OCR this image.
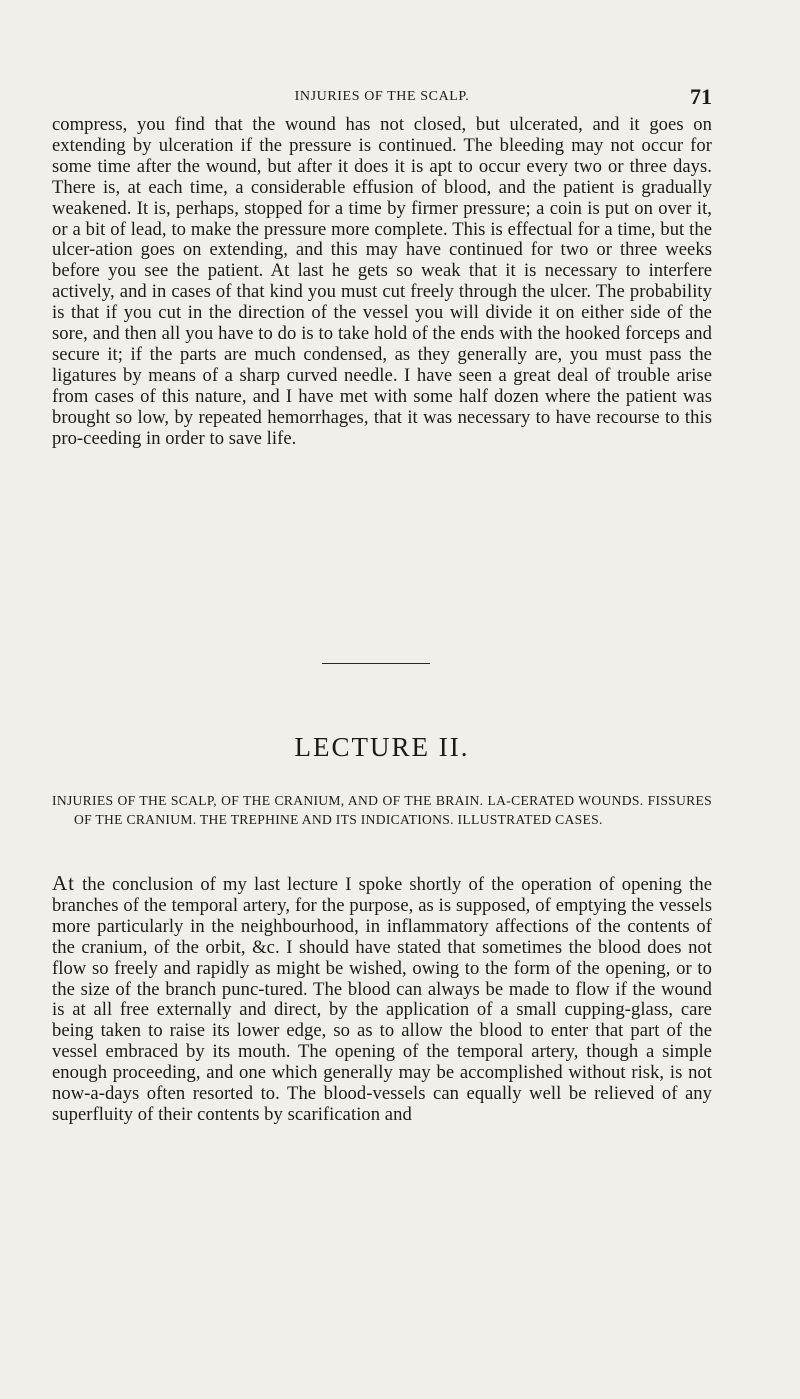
INJURIES OF THE SCALP.	71

compress, you find that the wound has not closed, but ulcerated, and it goes on extending by ulceration if the pressure is continued. The bleeding may not occur for some time after the wound, but after it does it is apt to occur every two or three days. There is, at each time, a considerable effusion of blood, and the patient is gradually weakened. It is, perhaps, stopped for a time by firmer pressure; a coin is put on over it, or a bit of lead, to make the pressure more complete. This is effectual for a time, but the ulcer-ation goes on extending, and this may have continued for two or three weeks before you see the patient. At last he gets so weak that it is necessary to interfere actively, and in cases of that kind you must cut freely through the ulcer. The probability is that if you cut in the direction of the vessel you will divide it on either side of the sore, and then all you have to do is to take hold of the ends with the hooked forceps and secure it; if the parts are much condensed, as they generally are, you must pass the ligatures by means of a sharp curved needle. I have seen a great deal of trouble arise from cases of this nature, and I have met with some half dozen where the patient was brought so low, by repeated hemorrhages, that it was necessary to have recourse to this pro-ceeding in order to save life.

LECTURE II.

INJURIES OF THE SCALP, OF THE CRANIUM, AND OF THE BRAIN. LA-CERATED WOUNDS. FISSURES OF THE CRANIUM. THE TREPHINE AND ITS INDICATIONS. ILLUSTRATED CASES.

At the conclusion of my last lecture I spoke shortly of the operation of opening the branches of the temporal artery, for the purpose, as is supposed, of emptying the vessels more particularly in the neighbourhood, in inflammatory affections of the contents of the cranium, of the orbit, &c. I should have stated that sometimes the blood does not flow so freely and rapidly as might be wished, owing to the form of the opening, or to the size of the branch punc-tured. The blood can always be made to flow if the wound is at all free externally and direct, by the application of a small cupping-glass, care being taken to raise its lower edge, so as to allow the blood to enter that part of the vessel embraced by its mouth. The opening of the temporal artery, though a simple enough proceeding, and one which generally may be accomplished without risk, is not now-a-days often resorted to. The blood-vessels can equally well be relieved of any superfluity of their contents by scarification and
